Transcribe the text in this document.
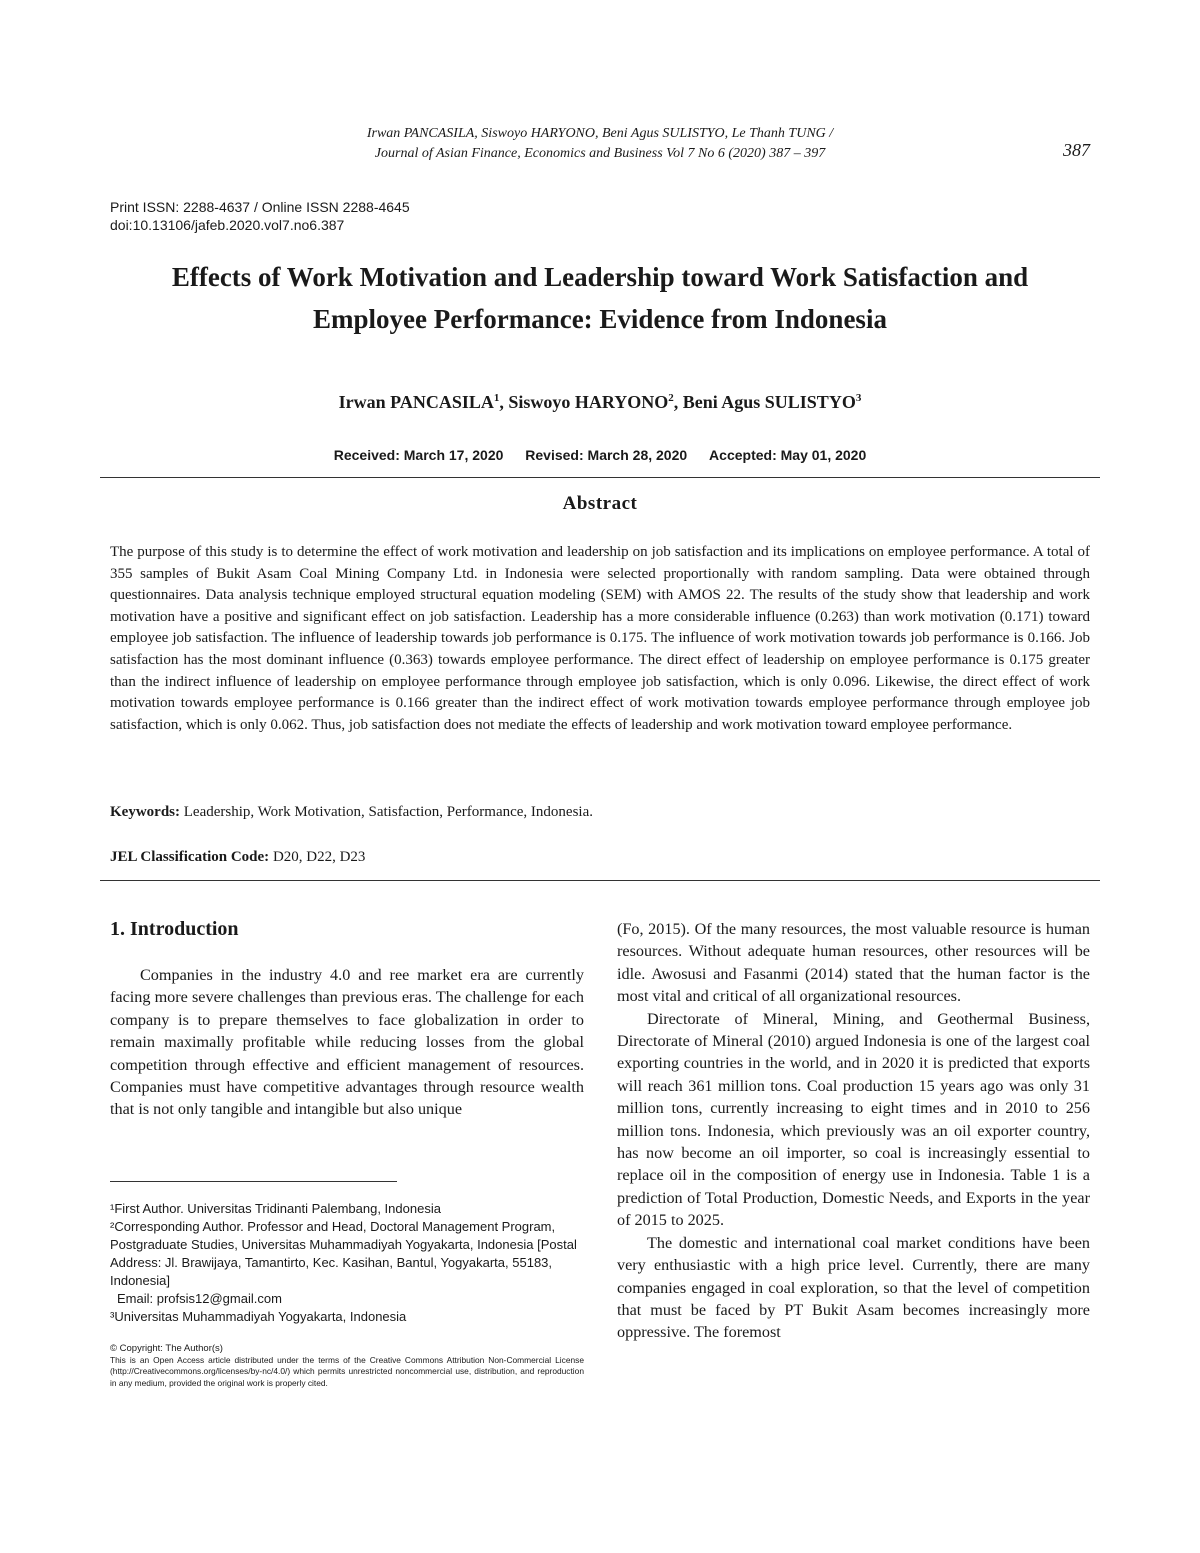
Irwan PANCASILA, Siswoyo HARYONO, Beni Agus SULISTYO, Le Thanh TUNG /
Journal of Asian Finance, Economics and Business Vol 7 No 6 (2020) 387 – 397	387
Print ISSN: 2288-4637 / Online ISSN 2288-4645
doi:10.13106/jafeb.2020.vol7.no6.387
Effects of Work Motivation and Leadership toward Work Satisfaction and
Employee Performance: Evidence from Indonesia
Irwan PANCASILA$^1$, Siswoyo HARYONO$^2$, Beni Agus SULISTYO$^3$
Received: March 17, 2020 Revised: March 28, 2020 Accepted: May 01, 2020
Abstract
The purpose of this study is to determine the effect of work motivation and leadership on job satisfaction and its implications on employee performance. A total of 355 samples of Bukit Asam Coal Mining Company Ltd. in Indonesia were selected proportionally with random sampling. Data were obtained through questionnaires. Data analysis technique employed structural equation modeling (SEM) with AMOS 22. The results of the study show that leadership and work motivation have a positive and significant effect on job satisfaction. Leadership has a more considerable influence (0.263) than work motivation (0.171) toward employee job satisfaction. The influence of leadership towards job performance is 0.175. The influence of work motivation towards job performance is 0.166. Job satisfaction has the most dominant influence (0.363) towards employee performance. The direct effect of leadership on employee performance is 0.175 greater than the indirect influence of leadership on employee performance through employee job satisfaction, which is only 0.096. Likewise, the direct effect of work motivation towards employee performance is 0.166 greater than the indirect effect of work motivation towards employee performance through employee job satisfaction, which is only 0.062. Thus, job satisfaction does not mediate the effects of leadership and work motivation toward employee performance.
Keywords: Leadership, Work Motivation, Satisfaction, Performance, Indonesia.
JEL Classification Code: D20, D22, D23
1. Introduction

Companies in the industry 4.0 and ree market era are currently facing more severe challenges than previous eras. The challenge for each company is to prepare themselves to face globalization in order to remain maximally profitable while reducing losses from the global competition through effective and efficient management of resources. Companies must have competitive advantages through resource wealth that is not only tangible and intangible but also unique

(Fo, 2015). Of the many resources, the most valuable resource is human resources. Without adequate human resources, other resources will be idle. Awosusi and Fasanmi (2014) stated that the human factor is the most vital and critical of all organizational resources.

Directorate of Mineral, Mining, and Geothermal Business, Directorate of Mineral (2010) argued Indonesia is one of the largest coal exporting countries in the world, and in 2020 it is predicted that exports will reach 361 million tons. Coal production 15 years ago was only 31 million tons, currently increasing to eight times and in 2010 to 256 million tons. Indonesia, which previously was an oil exporter country, has now become an oil importer, so coal is increasingly essential to replace oil in the composition of energy use in Indonesia. Table 1 is a prediction of Total Production, Domestic Needs, and Exports in the year of 2015 to 2025.

The domestic and international coal market conditions have been very enthusiastic with a high price level. Currently, there are many companies engaged in coal exploration, so that the level of competition that must be faced by PT Bukit Asam becomes increasingly more oppressive. The foremost

¹First Author. Universitas Tridinanti Palembang, Indonesia
²Corresponding Author. Professor and Head, Doctoral Management Program, Postgraduate Studies, Universitas Muhammadiyah Yogyakarta, Indonesia [Postal Address: Jl. Brawijaya, Tamantirto, Kec. Kasihan, Bantul, Yogyakarta, 55183, Indonesia]
Email: profsis12@gmail.com
³Universitas Muhammadiyah Yogyakarta, Indonesia
© Copyright: The Author(s)
This is an Open Access article distributed under the terms of the Creative Commons Attribution Non-Commercial License (http://Creativecommons.org/licenses/by-nc/4.0/) which permits unrestricted noncommercial use, distribution, and reproduction in any medium, provided the original work is properly cited.
